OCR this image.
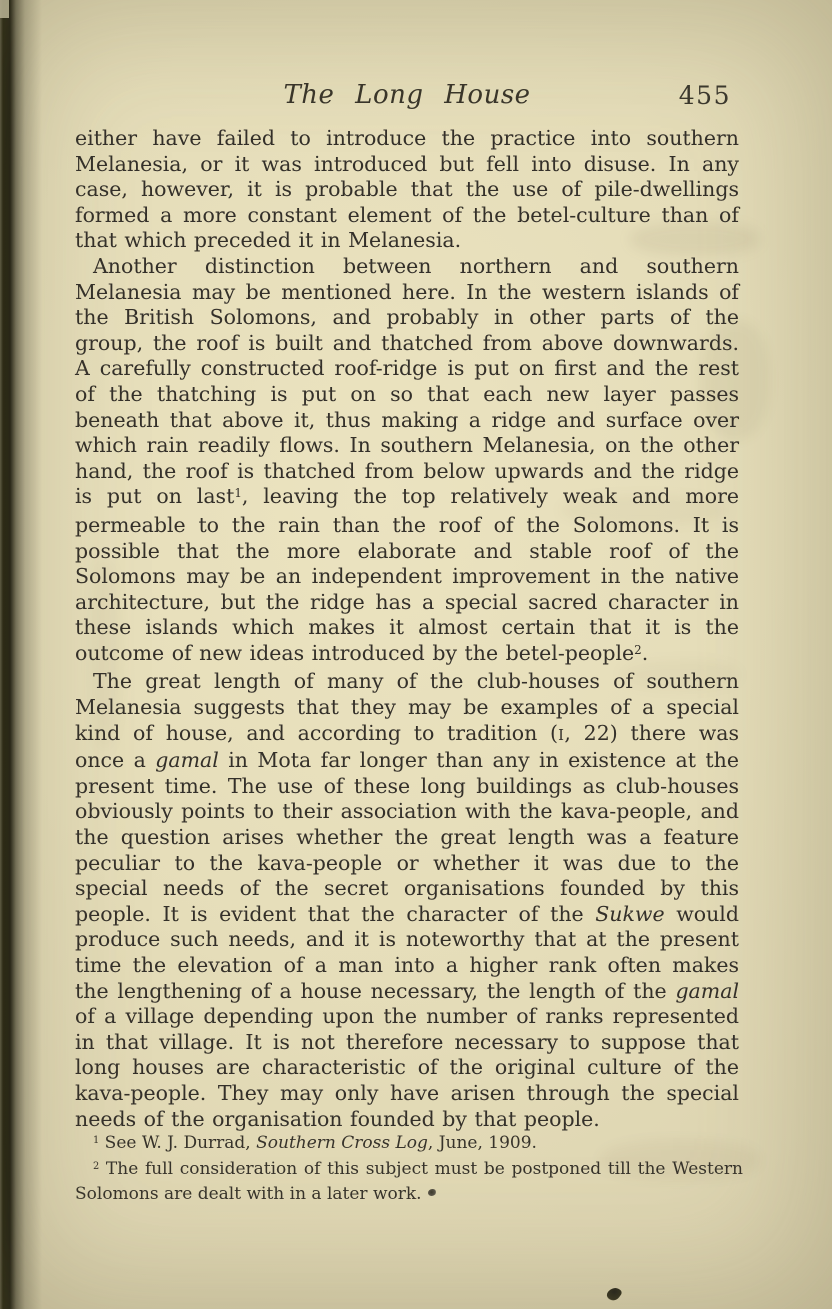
The Long House	455

either have failed to introduce the practice into southern Melanesia, or it was introduced but fell into disuse. In any case, however, it is probable that the use of pile-dwellings formed a more constant element of the betel-culture than of that which preceded it in Melanesia.

Another distinction between northern and southern Melanesia may be mentioned here. In the western islands of the British Solomons, and probably in other parts of the group, the roof is built and thatched from above downwards. A carefully constructed roof-ridge is put on first and the rest of the thatching is put on so that each new layer passes beneath that above it, thus making a ridge and surface over which rain readily flows. In southern Melanesia, on the other hand, the roof is thatched from below upwards and the ridge is put on last$^1$, leaving the top relatively weak and more permeable to the rain than the roof of the Solomons. It is possible that the more elaborate and stable roof of the Solomons may be an independent improvement in the native architecture, but the ridge has a special sacred character in these islands which makes it almost certain that it is the outcome of new ideas introduced by the betel-people$^2$.

The great length of many of the club-houses of southern Melanesia suggests that they may be examples of a special kind of house, and according to tradition (I, 22) there was once a gamal in Mota far longer than any in existence at the present time. The use of these long buildings as club-houses obviously points to their association with the kava-people, and the question arises whether the great length was a feature peculiar to the kava-people or whether it was due to the special needs of the secret organisations founded by this people. It is evident that the character of the Sukwe would produce such needs, and it is noteworthy that at the present time the elevation of a man into a higher rank often makes the lengthening of a house necessary, the length of the gamal of a village depending upon the number of ranks represented in that village. It is not therefore necessary to suppose that long houses are characteristic of the original culture of the kava-people. They may only have arisen through the special needs of the organisation founded by that people.

$^1$ See W. J. Durrad, Southern Cross Log, June, 1909.

$^2$ The full consideration of this subject must be postponed till the Western Solomons are dealt with in a later work.
